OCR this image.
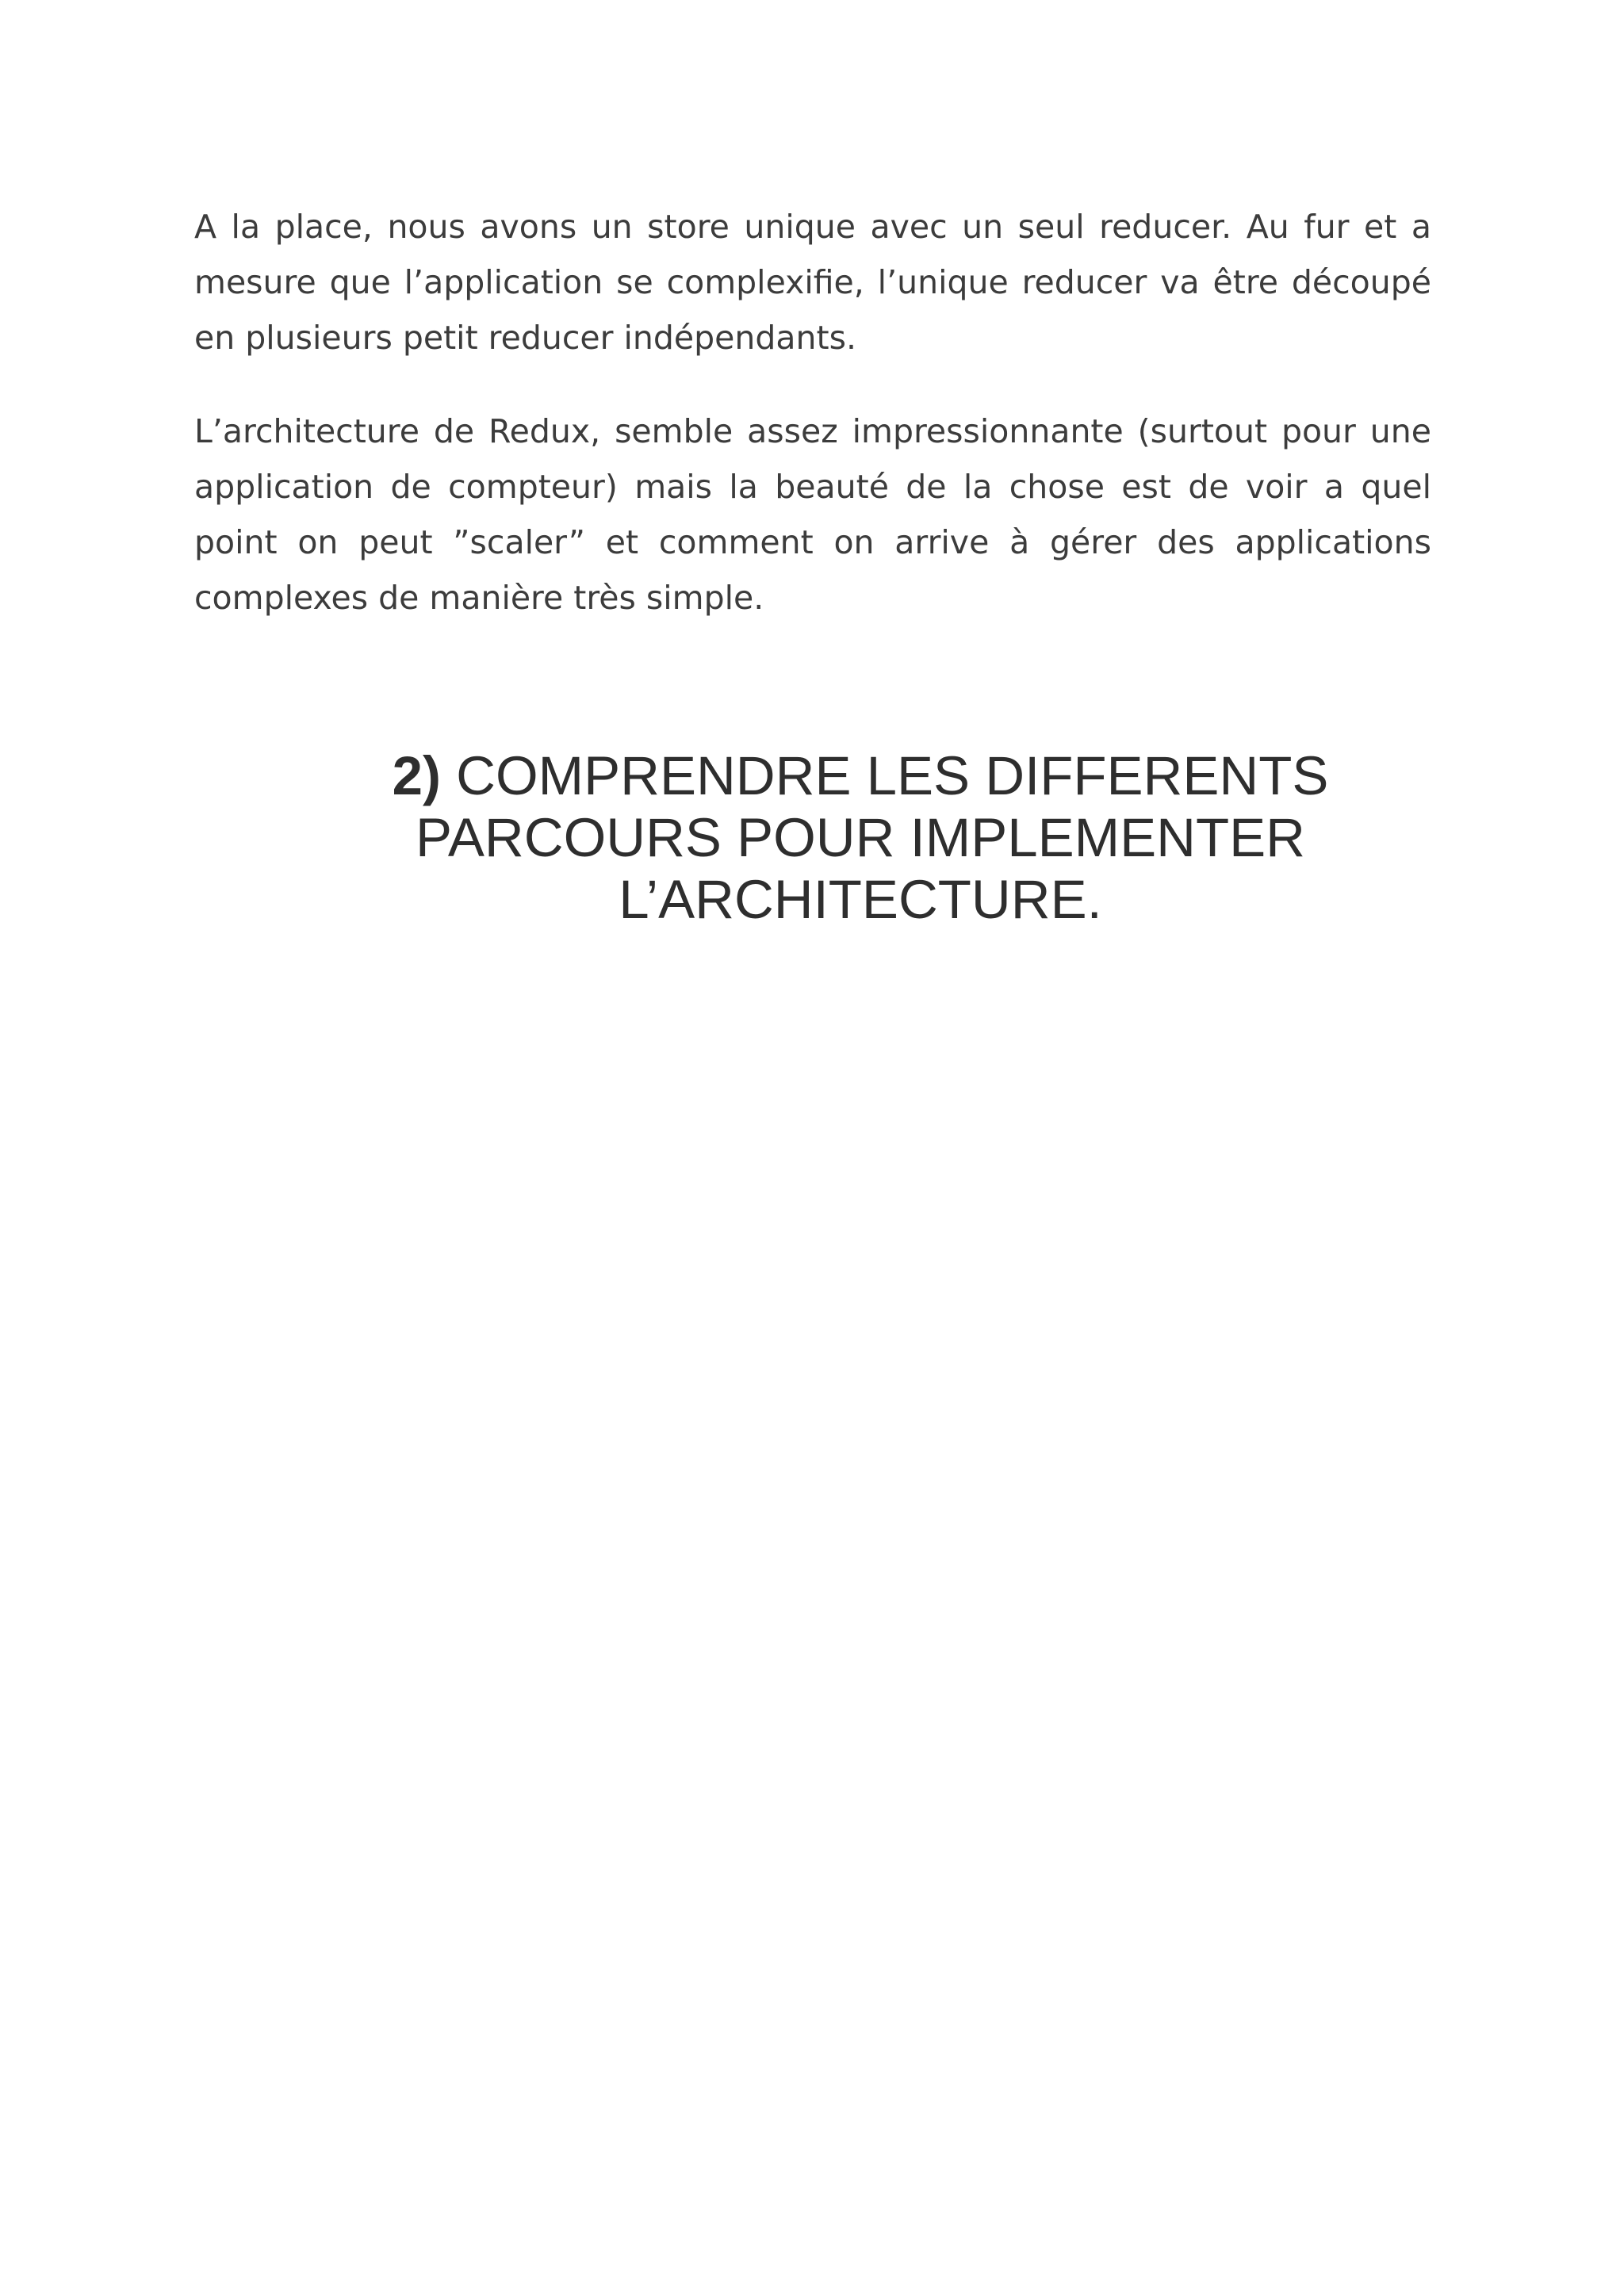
A la place, nous avons un store unique avec un seul reducer. Au fur et a mesure que l’application se complexifie, l’unique reducer va être découpé en plusieurs petit reducer indépendants.

L’architecture de Redux, semble assez impressionnante (surtout pour une application de compteur) mais la beauté de la chose est de voir a quel point on peut ”scaler” et comment on arrive à gérer des applications complexes de manière très simple.

2) COMPRENDRE LES DIFFERENTS PARCOURS POUR IMPLEMENTER L’ARCHITECTURE.
